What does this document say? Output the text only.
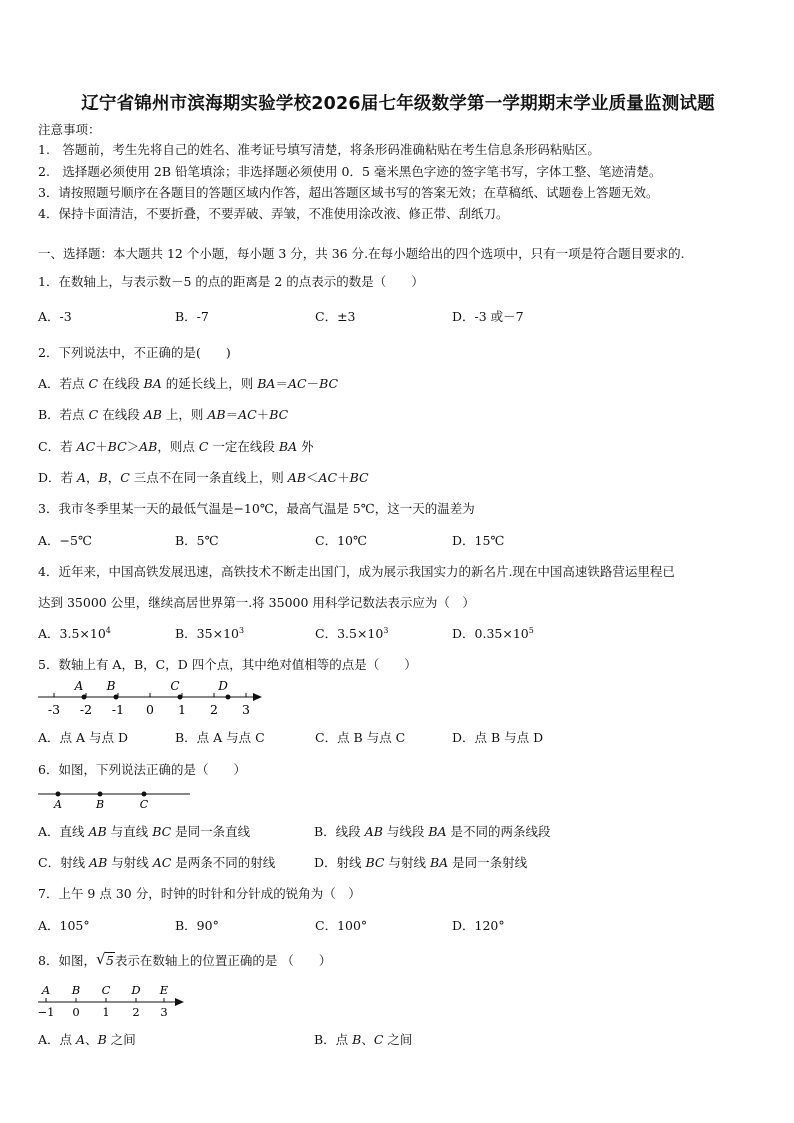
辽宁省锦州市滨海期实验学校2026届七年级数学第一学期期末学业质量监测试题
注意事项：
1.　答题前，考生先将自己的姓名、准考证号填写清楚，将条形码准确粘贴在考生信息条形码粘贴区。
2.　选择题必须使用 2B 铅笔填涂；非选择题必须使用 0．5 毫米黑色字迹的签字笔书写，字体工整、笔迹清楚。
3．请按照题号顺序在各题目的答题区域内作答，超出答题区域书写的答案无效；在草稿纸、试题卷上答题无效。
4．保持卡面清洁，不要折叠，不要弄破、弄皱，不准使用涂改液、修正带、刮纸刀。
一、选择题：本大题共 12 个小题，每小题 3 分，共 36 分.在每小题给出的四个选项中，只有一项是符合题目要求的.
1．在数轴上，与表示数－5 的点的距离是 2 的点表示的数是（　　）
A．-3	B．-7	C．±3	D．-3 或－7
2．下列说法中，不正确的是(　　)
A．若点 C 在线段 BA 的延长线上，则 BA＝AC－BC
B．若点 C 在线段 AB 上，则 AB＝AC＋BC
C．若 AC＋BC＞AB，则点 C 一定在线段 BA 外
D．若 A，B，C 三点不在同一条直线上，则 AB＜AC＋BC
3．我市冬季里某一天的最低气温是−10℃，最高气温是 5℃，这一天的温差为
A．−5℃	B．5℃	C．10℃	D．15℃
4．近年来，中国高铁发展迅速，高铁技术不断走出国门，成为展示我国实力的新名片.现在中国高速铁路营运里程已
达到 35000 公里，继续高居世界第一.将 35000 用科学记数法表示应为（　）
A．$3.5\times 10^4$	B．$35\times 10^3$	C．$3.5\times 10^3$	D．$0.35\times 10^5$
5．数轴上有 A，B，C，D 四个点，其中绝对值相等的点是（　　）
-3 -2 -1 0 1 2 3
A B	C	D
A．点 A 与点 D	B．点 A 与点 C	C．点 B 与点 C	D．点 B 与点 D
6．如图，下列说法正确的是（　　）
A	B	C
A．直线 AB 与直线 BC 是同一条直线	B．线段 AB 与线段 BA 是不同的两条线段
C．射线 AB 与射线 AC 是两条不同的射线	D．射线 BC 与射线 BA 是同一条射线
7．上午 9 点 30 分，时钟的时针和分针成的锐角为（　）
A．105°	B．90°	C．100°	D．120°
8．如图， √ 5表示在数轴上的位置正确的是 （　　）
−1 0 1 2 3
A B C D E
A．点 A、B 之间	B．点 B、C 之间
